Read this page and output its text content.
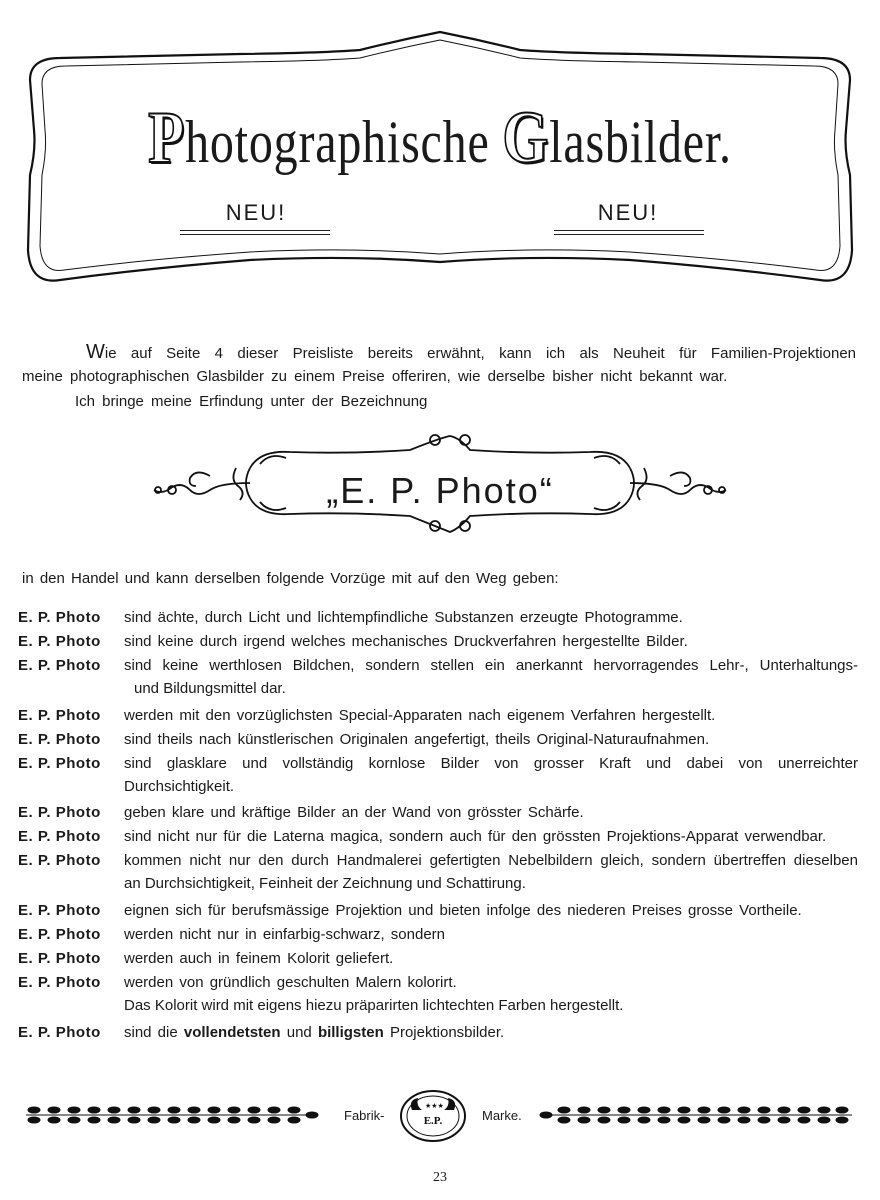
Photographische Glasbilder.
NEU!	NEU!
Wie auf Seite 4 dieser Preisliste bereits erwähnt, kann ich als Neuheit für Familien-Projektionen
meine photographischen Glasbilder zu einem Preise offeriren, wie derselbe bisher nicht bekannt war.
Ich bringe meine Erfindung unter der Bezeichnung
„E. P. Photo“
in den Handel und kann derselben folgende Vorzüge mit auf den Weg geben:
E. P. Photo	sind ächte, durch Licht und lichtempfindliche Substanzen erzeugte Photogramme.
E. P. Photo	sind keine durch irgend welches mechanisches Druckverfahren hergestellte Bilder.
E. P. Photo	sind keine werthlosen Bildchen, sondern stellen ein anerkannt hervorragendes Lehr-, Unterhaltungs-
und Bildungsmittel dar.
E. P. Photo	werden mit den vorzüglichsten Special-Apparaten nach eigenem Verfahren hergestellt.
E. P. Photo	sind theils nach künstlerischen Originalen angefertigt, theils Original-Naturaufnahmen.
E. P. Photo	sind glasklare und vollständig kornlose Bilder von grosser Kraft und dabei von unerreichter
Durchsichtigkeit.
E. P. Photo	geben klare und kräftige Bilder an der Wand von grösster Schärfe.
E. P. Photo	sind nicht nur für die Laterna magica, sondern auch für den grössten Projektions-Apparat verwendbar.
E. P. Photo	kommen nicht nur den durch Handmalerei gefertigten Nebelbildern gleich, sondern übertreffen dieselben
an Durchsichtigkeit, Feinheit der Zeichnung und Schattirung.
E. P. Photo	eignen sich für berufsmässige Projektion und bieten infolge des niederen Preises grosse Vortheile.
E. P. Photo	werden nicht nur in einfarbig-schwarz, sondern
E. P. Photo	werden auch in feinem Kolorit geliefert.
E. P. Photo	werden von gründlich geschulten Malern kolorirt.
Das Kolorit wird mit eigens hiezu präparirten lichtechten Farben hergestellt.
E. P. Photo	sind die vollendetsten und billigsten Projektionsbilder.
Fabrik-
★★★
E.P.	Marke.
23
